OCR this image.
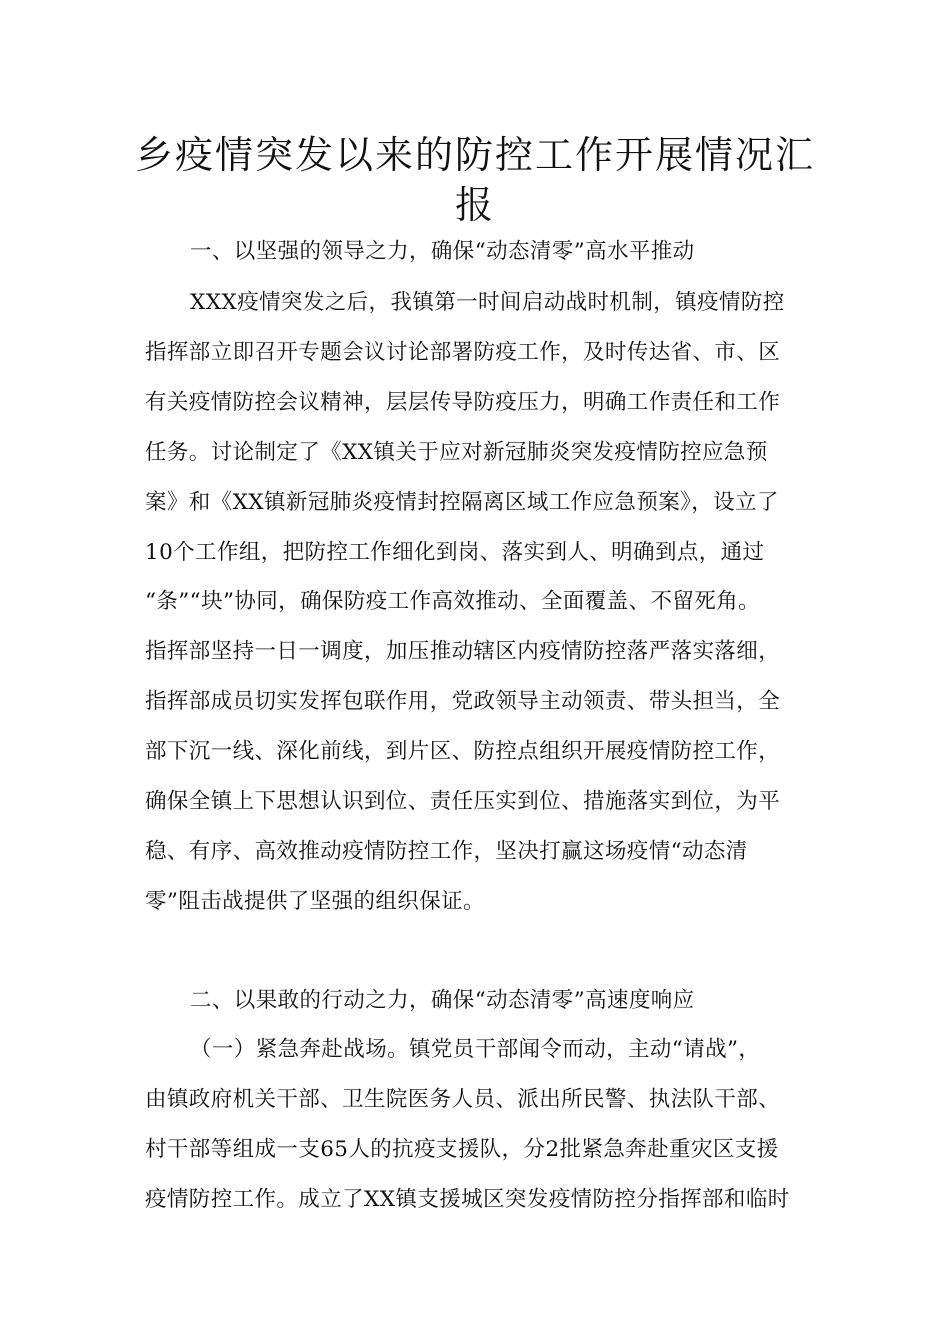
乡疫情突发以来的防控工作开展情况汇
报
一、以坚强的领导之力，确保“动态清零”高水平推动
XXX疫情突发之后，我镇第一时间启动战时机制，镇疫情防控
指挥部立即召开专题会议讨论部署防疫工作，及时传达省、市、区
有关疫情防控会议精神，层层传导防疫压力，明确工作责任和工作
任务。讨论制定了《XX镇关于应对新冠肺炎突发疫情防控应急预
案》和《XX镇新冠肺炎疫情封控隔离区域工作应急预案》，设立了
10个工作组，把防控工作细化到岗、落实到人、明确到点，通过
“条”“块”协同，确保防疫工作高效推动、全面覆盖、不留死角。
指挥部坚持一日一调度，加压推动辖区内疫情防控落严落实落细，
指挥部成员切实发挥包联作用，党政领导主动领责、带头担当，全
部下沉一线、深化前线，到片区、防控点组织开展疫情防控工作，
确保全镇上下思想认识到位、责任压实到位、措施落实到位，为平
稳、有序、高效推动疫情防控工作，坚决打赢这场疫情“动态清
零”阻击战提供了坚强的组织保证。
二、以果敢的行动之力，确保“动态清零”高速度响应
（一）紧急奔赴战场。镇党员干部闻令而动，主动“请战”，
由镇政府机关干部、卫生院医务人员、派出所民警、执法队干部、
村干部等组成一支65人的抗疫支援队，分2批紧急奔赴重灾区支援
疫情防控工作。成立了XX镇支援城区突发疫情防控分指挥部和临时
